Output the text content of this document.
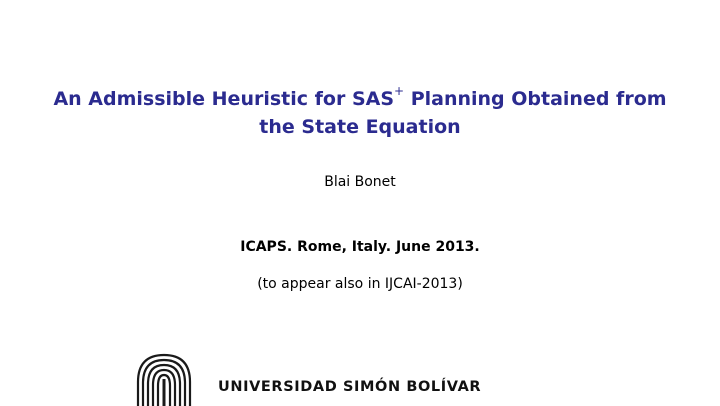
An Admissible Heuristic for SAS+ Planning Obtained from
the State Equation
Blai Bonet
ICAPS. Rome, Italy. June 2013.
(to appear also in IJCAI-2013)
UNIVERSIDAD SIMÓN BOLÍVAR
